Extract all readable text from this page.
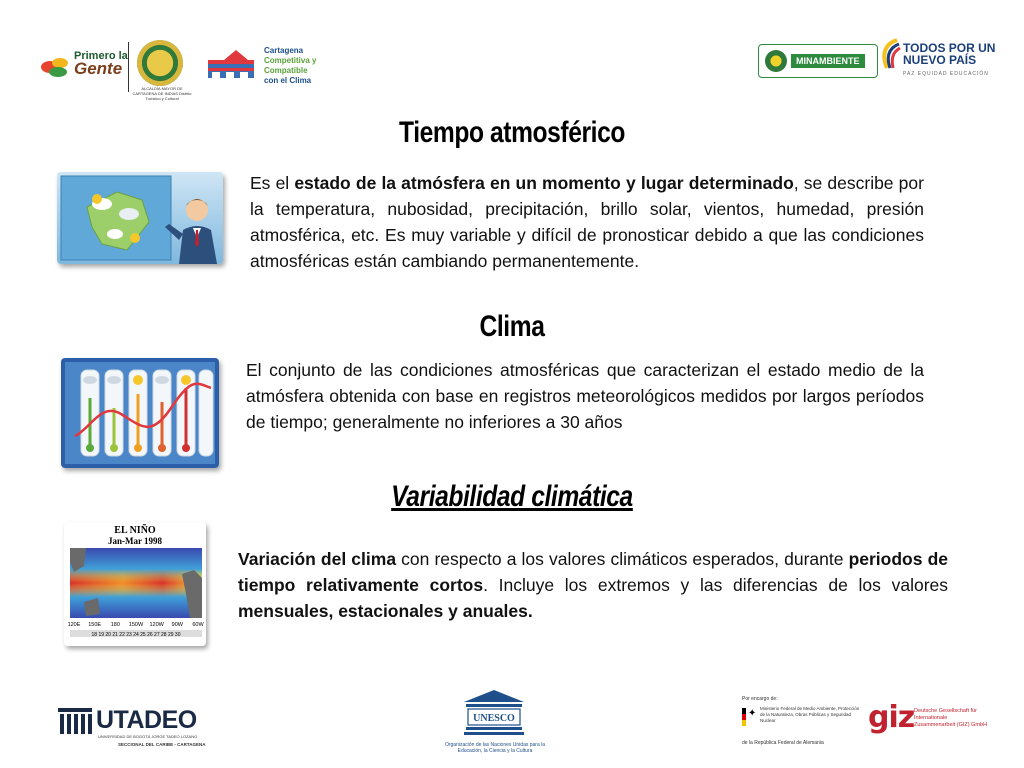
Primero la
Gente
ALCALDÍA MAYOR DE CARTAGENA DE INDIAS Distrito Turístico y Cultural
Cartagena
Competitiva y
Compatible
con el Clima
MINAMBIENTE
TODOS POR UN
NUEVO PAÍS
PAZ EQUIDAD EDUCACIÓN
Tiempo atmosférico
Es el estado de la atmósfera en un momento y lugar determinado, se describe por la temperatura, nubosidad, precipitación, brillo solar, vientos, humedad, presión atmosférica, etc. Es muy variable y difícil de pronosticar debido a que las condiciones atmosféricas están cambiando permanentemente.
Clima
El conjunto de las condiciones atmosféricas que caracterizan el estado medio de la atmósfera obtenida con base en registros meteorológicos medidos por largos períodos de tiempo; generalmente no inferiores a 30 años
Variabilidad climática
EL NIÑO
Jan-Mar 1998
120E 150E 180 150W 120W 90W 60W
18 19 20 21 22 23 24 25 26 27 28 29 30
Variación del clima con respecto a los valores climáticos esperados, durante periodos de tiempo relativamente cortos. Incluye los extremos y las diferencias de los valores mensuales, estacionales y anuales.
UTADEO
UNIVERSIDAD DE BOGOTÁ JORGE TADEO LOZANO
SECCIONAL DEL CARIBE - CARTAGENA
UNESCO
Organización de las Naciones Unidas para la Educación, la Ciencia y la Cultura
Por encargo de:
✦ Ministerio Federal de Medio Ambiente, Protección de la Naturaleza, Obras Públicas y Seguridad Nuclear
de la República Federal de Alemania
giz Deutsche Gesellschaft für Internationale Zusammenarbeit (GIZ) GmbH
